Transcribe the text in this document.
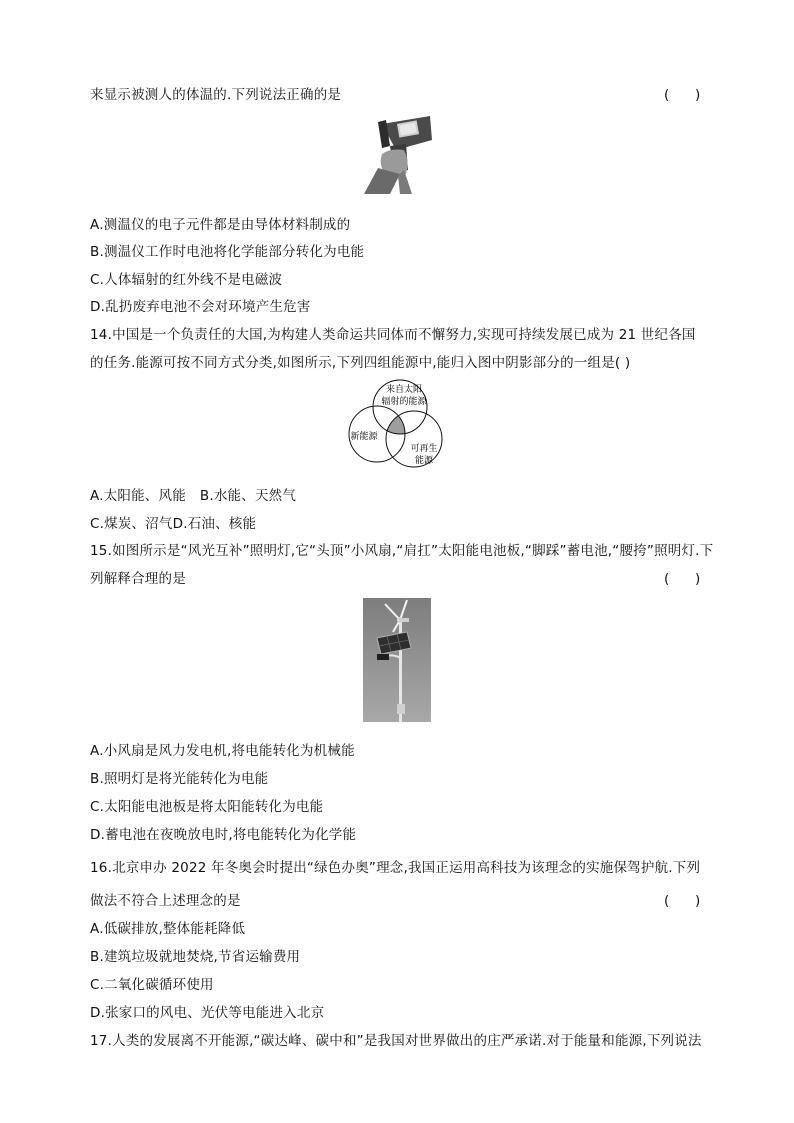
来显示被测人的体温的.下列说法正确的是	(      )
A.测温仪的电子元件都是由导体材料制成的
B.测温仪工作时电池将化学能部分转化为电能
C.人体辐射的红外线不是电磁波
D.乱扔废弃电池不会对环境产生危害
14.中国是一个负责任的大国,为构建人类命运共同体而不懈努力,实现可持续发展已成为 21 世纪各国
的任务.能源可按不同方式分类,如图所示,下列四组能源中,能归入图中阴影部分的一组是( )
来自太阳
辐射的能源
新能源
可再生
能源
A.太阳能、风能 B.水能、天然气
C.煤炭、沼气D.石油、核能
15.如图所示是“风光互补”照明灯,它“头顶”小风扇,“肩扛”太阳能电池板,“脚踩”蓄电池,“腰挎”照明灯.下
列解释合理的是	(      )
A.小风扇是风力发电机,将电能转化为机械能
B.照明灯是将光能转化为电能
C.太阳能电池板是将太阳能转化为电能
D.蓄电池在夜晚放电时,将电能转化为化学能
16.北京申办 2022 年冬奥会时提出“绿色办奥”理念,我国正运用高科技为该理念的实施保驾护航.下列
做法不符合上述理念的是	(      )
A.低碳排放,整体能耗降低
B.建筑垃圾就地焚烧,节省运输费用
C.二氧化碳循环使用
D.张家口的风电、光伏等电能进入北京
17.人类的发展离不开能源,“碳达峰、碳中和”是我国对世界做出的庄严承诺.对于能量和能源,下列说法
